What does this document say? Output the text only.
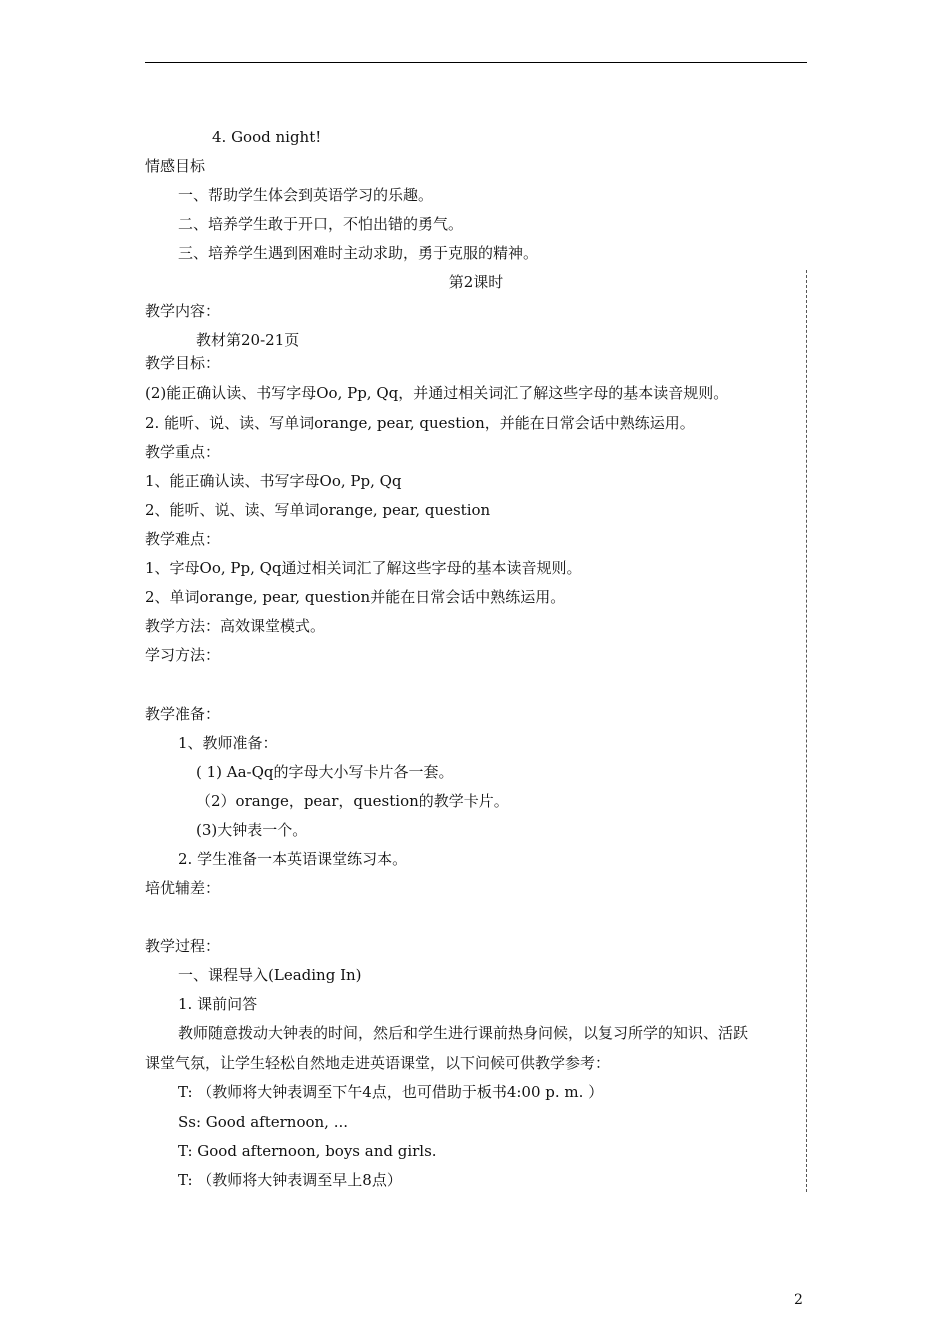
4. Good night!
情感目标
一、帮助学生体会到英语学习的乐趣。
二、培养学生敢于开口，不怕出错的勇气。
三、培养学生遇到困难时主动求助，勇于克服的精神。
第2课时
教学内容：
教材第20-21页
教学目标：
(2)能正确认读、书写字母Oo, Pp, Qq，并通过相关词汇了解这些字母的基本读音规则。
2. 能听、说、读、写单词orange, pear, question，并能在日常会话中熟练运用。
教学重点：
1、能正确认读、书写字母Oo, Pp, Qq
2、能听、说、读、写单词orange, pear, question
教学难点：
1、字母Oo, Pp, Qq通过相关词汇了解这些字母的基本读音规则。
2、单词orange, pear, question并能在日常会话中熟练运用。
教学方法：高效课堂模式。
学习方法：
教学准备：
1、教师准备：
( 1) Aa-Qq的字母大小写卡片各一套。
（2）orange，pear，question的教学卡片。
(3)大钟表一个。
2. 学生准备一本英语课堂练习本。
培优辅差：
教学过程：
一、课程导入(Leading In)
1. 课前问答
教师随意拨动大钟表的时间，然后和学生进行课前热身问候，以复习所学的知识、活跃
课堂气氛，让学生轻松自然地走进英语课堂，以下问候可供教学参考：
T: （教师将大钟表调至下午4点，也可借助于板书4:00 p. m. ）
Ss: Good afternoon, ...
T: Good afternoon, boys and girls.
T: （教师将大钟表调至早上8点）
2
